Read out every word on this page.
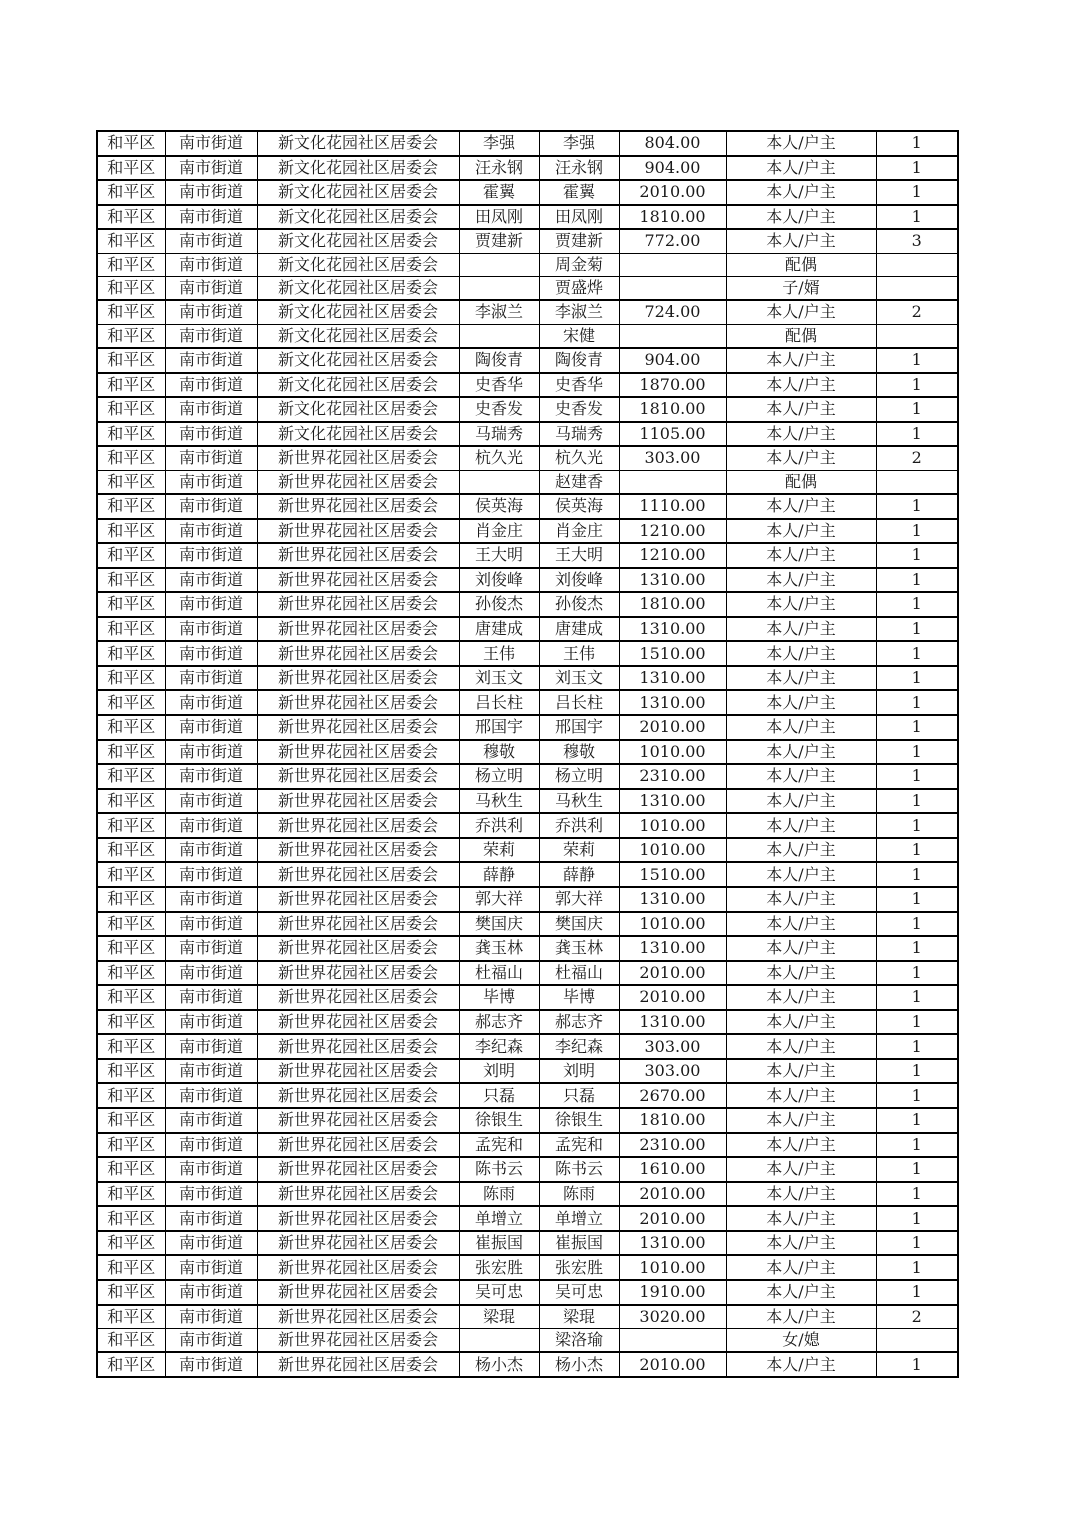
和平区	南市街道	新文化花园社区居委会	李强	李强	804.00	本人/户主	1
和平区	南市街道	新文化花园社区居委会	汪永钢	汪永钢	904.00	本人/户主	1
和平区	南市街道	新文化花园社区居委会	霍翼	霍翼	2010.00	本人/户主	1
和平区	南市街道	新文化花园社区居委会	田凤刚	田凤刚	1810.00	本人/户主	1
和平区	南市街道	新文化花园社区居委会	贾建新	贾建新	772.00	本人/户主	3
和平区	南市街道	新文化花园社区居委会		周金菊		配偶	
和平区	南市街道	新文化花园社区居委会		贾盛烨		子/婿	
和平区	南市街道	新文化花园社区居委会	李淑兰	李淑兰	724.00	本人/户主	2
和平区	南市街道	新文化花园社区居委会		宋健		配偶	
和平区	南市街道	新文化花园社区居委会	陶俊青	陶俊青	904.00	本人/户主	1
和平区	南市街道	新文化花园社区居委会	史香华	史香华	1870.00	本人/户主	1
和平区	南市街道	新文化花园社区居委会	史香发	史香发	1810.00	本人/户主	1
和平区	南市街道	新文化花园社区居委会	马瑞秀	马瑞秀	1105.00	本人/户主	1
和平区	南市街道	新世界花园社区居委会	杭久光	杭久光	303.00	本人/户主	2
和平区	南市街道	新世界花园社区居委会		赵建香		配偶	
和平区	南市街道	新世界花园社区居委会	侯英海	侯英海	1110.00	本人/户主	1
和平区	南市街道	新世界花园社区居委会	肖金庄	肖金庄	1210.00	本人/户主	1
和平区	南市街道	新世界花园社区居委会	王大明	王大明	1210.00	本人/户主	1
和平区	南市街道	新世界花园社区居委会	刘俊峰	刘俊峰	1310.00	本人/户主	1
和平区	南市街道	新世界花园社区居委会	孙俊杰	孙俊杰	1810.00	本人/户主	1
和平区	南市街道	新世界花园社区居委会	唐建成	唐建成	1310.00	本人/户主	1
和平区	南市街道	新世界花园社区居委会	王伟	王伟	1510.00	本人/户主	1
和平区	南市街道	新世界花园社区居委会	刘玉文	刘玉文	1310.00	本人/户主	1
和平区	南市街道	新世界花园社区居委会	吕长柱	吕长柱	1310.00	本人/户主	1
和平区	南市街道	新世界花园社区居委会	邢国宇	邢国宇	2010.00	本人/户主	1
和平区	南市街道	新世界花园社区居委会	穆敬	穆敬	1010.00	本人/户主	1
和平区	南市街道	新世界花园社区居委会	杨立明	杨立明	2310.00	本人/户主	1
和平区	南市街道	新世界花园社区居委会	马秋生	马秋生	1310.00	本人/户主	1
和平区	南市街道	新世界花园社区居委会	乔洪利	乔洪利	1010.00	本人/户主	1
和平区	南市街道	新世界花园社区居委会	荣莉	荣莉	1010.00	本人/户主	1
和平区	南市街道	新世界花园社区居委会	薛静	薛静	1510.00	本人/户主	1
和平区	南市街道	新世界花园社区居委会	郭大祥	郭大祥	1310.00	本人/户主	1
和平区	南市街道	新世界花园社区居委会	樊国庆	樊国庆	1010.00	本人/户主	1
和平区	南市街道	新世界花园社区居委会	龚玉林	龚玉林	1310.00	本人/户主	1
和平区	南市街道	新世界花园社区居委会	杜福山	杜福山	2010.00	本人/户主	1
和平区	南市街道	新世界花园社区居委会	毕博	毕博	2010.00	本人/户主	1
和平区	南市街道	新世界花园社区居委会	郝志齐	郝志齐	1310.00	本人/户主	1
和平区	南市街道	新世界花园社区居委会	李纪森	李纪森	303.00	本人/户主	1
和平区	南市街道	新世界花园社区居委会	刘明	刘明	303.00	本人/户主	1
和平区	南市街道	新世界花园社区居委会	只磊	只磊	2670.00	本人/户主	1
和平区	南市街道	新世界花园社区居委会	徐银生	徐银生	1810.00	本人/户主	1
和平区	南市街道	新世界花园社区居委会	孟宪和	孟宪和	2310.00	本人/户主	1
和平区	南市街道	新世界花园社区居委会	陈书云	陈书云	1610.00	本人/户主	1
和平区	南市街道	新世界花园社区居委会	陈雨	陈雨	2010.00	本人/户主	1
和平区	南市街道	新世界花园社区居委会	单增立	单增立	2010.00	本人/户主	1
和平区	南市街道	新世界花园社区居委会	崔振国	崔振国	1310.00	本人/户主	1
和平区	南市街道	新世界花园社区居委会	张宏胜	张宏胜	1010.00	本人/户主	1
和平区	南市街道	新世界花园社区居委会	吴可忠	吴可忠	1910.00	本人/户主	1
和平区	南市街道	新世界花园社区居委会	梁琨	梁琨	3020.00	本人/户主	2
和平区	南市街道	新世界花园社区居委会		梁洛瑜		女/媳	
和平区	南市街道	新世界花园社区居委会	杨小杰	杨小杰	2010.00	本人/户主	1
